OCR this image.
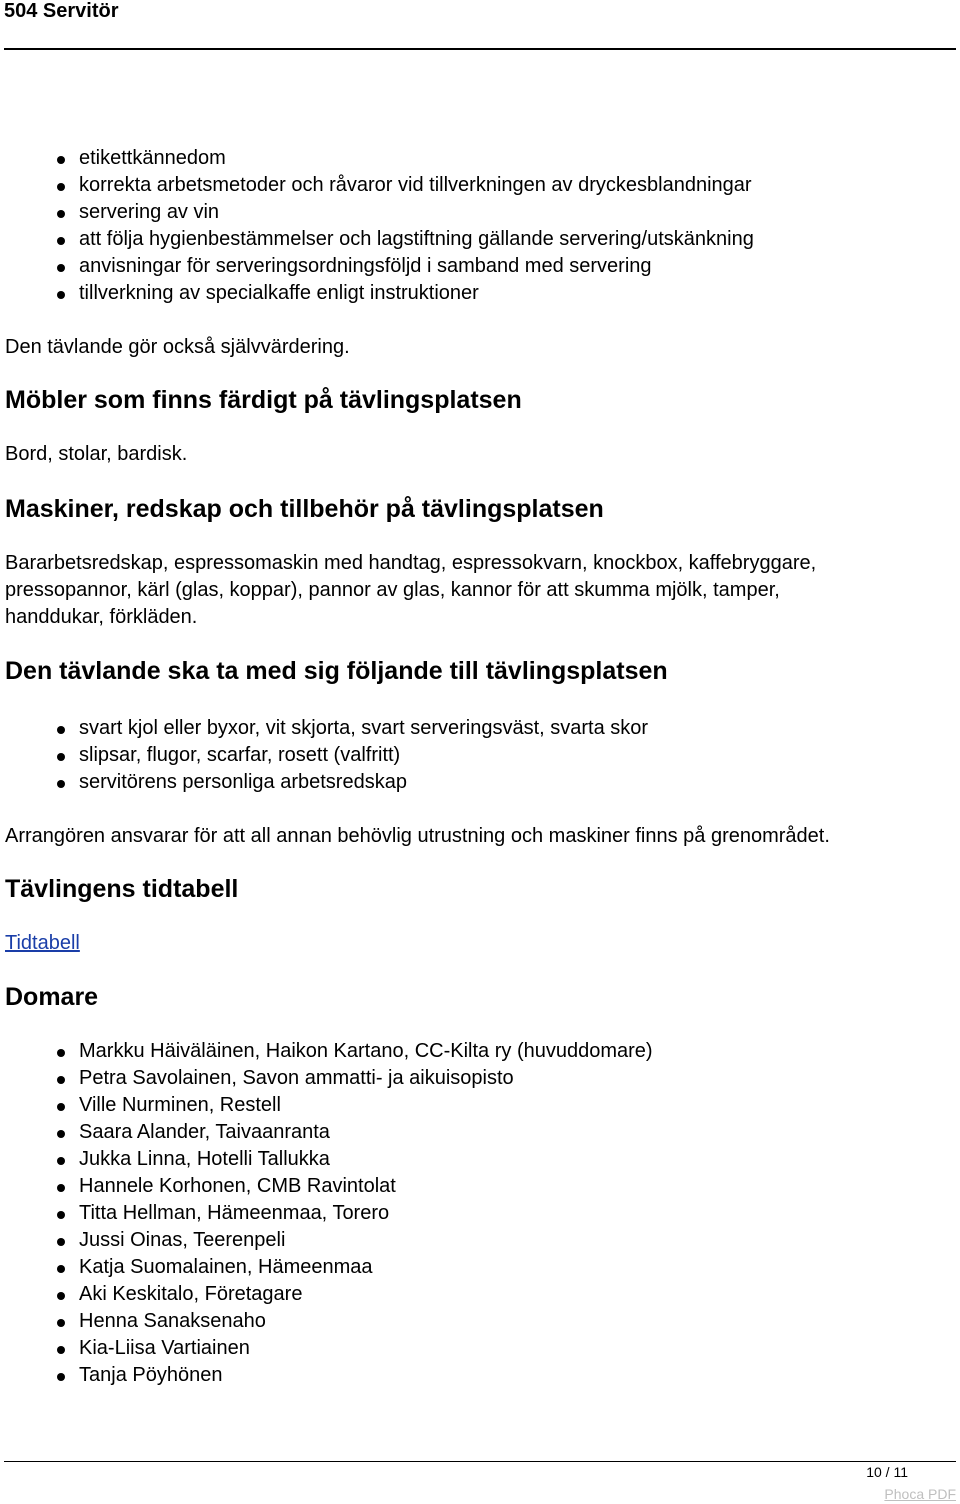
504 Servitör
etikettkännedom
korrekta arbetsmetoder och råvaror vid tillverkningen av dryckesblandningar
servering av vin
att följa hygienbestämmelser och lagstiftning gällande servering/utskänkning
anvisningar för serveringsordningsföljd i samband med servering
tillverkning av specialkaffe enligt instruktioner

Den tävlande gör också självvärdering.

Möbler som finns färdigt på tävlingsplatsen

Bord, stolar, bardisk.

Maskiner, redskap och tillbehör på tävlingsplatsen

Bararbetsredskap, espressomaskin med handtag, espressokvarn, knockbox, kaffebryggare,

pressopannor, kärl (glas, koppar), pannor av glas, kannor för att skumma mjölk, tamper,

handdukar, förkläden.

Den tävlande ska ta med sig följande till tävlingsplatsen
svart kjol eller byxor, vit skjorta, svart serveringsväst, svarta skor
slipsar, flugor, scarfar, rosett (valfritt)
servitörens personliga arbetsredskap

Arrangören ansvarar för att all annan behövlig utrustning och maskiner finns på grenområdet.

Tävlingens tidtabell

Tidtabell

Domare
Markku Häiväläinen, Haikon Kartano, CC-Kilta ry (huvuddomare)
Petra Savolainen, Savon ammatti- ja aikuisopisto
Ville Nurminen, Restell
Saara Alander, Taivaanranta
Jukka Linna, Hotelli Tallukka
Hannele Korhonen, CMB Ravintolat
Titta Hellman, Hämeenmaa, Torero
Jussi Oinas, Teerenpeli
Katja Suomalainen, Hämeenmaa
Aki Keskitalo, Företagare
Henna Sanaksenaho
Kia-Liisa Vartiainen
Tanja Pöyhönen
10 / 11
Phoca PDF
